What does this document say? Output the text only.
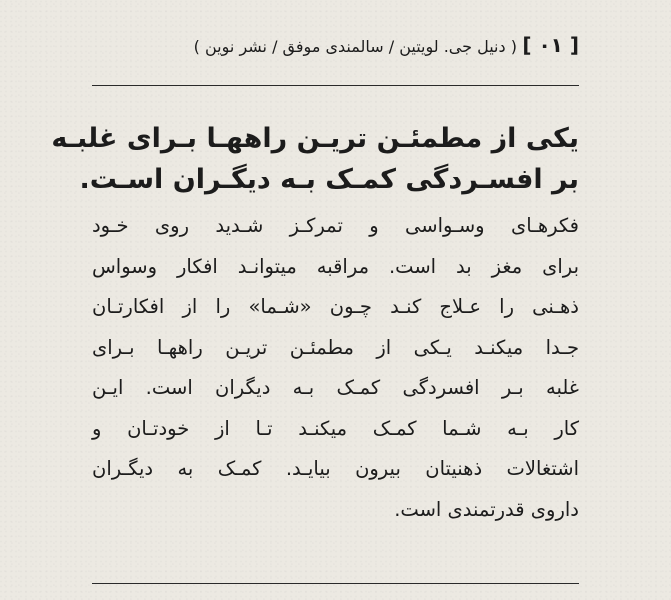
[ ۰۱ ] ( دنیل جی. لویتین / سالمندی موفق / نشر نوین )
یکی از مطمئـن تریـن راههـا بـرای غلبـه
بر افسـردگی کمـک بـه دیگـران اسـت.
فکرهـای وسـواسی و تمرکـز شـدید روی خـود
برای مغز بد است. مراقبه میتوانـد افکار وسواس
ذهـنی را عـلاج کنـد چـون «شـما» را از افکارتـان
جـدا میکنـد یـکی از مطمئـن تریـن راههـا بـرای
غلبه بـر افسردگی کمـک بـه دیگران است. ایـن
کار بـه شـما کمـک میکنـد تـا از خودتـان و
اشتغالات ذهنیتان بیرون بیایـد. کمـک به دیگـران
داروی قدرتمندی است.
